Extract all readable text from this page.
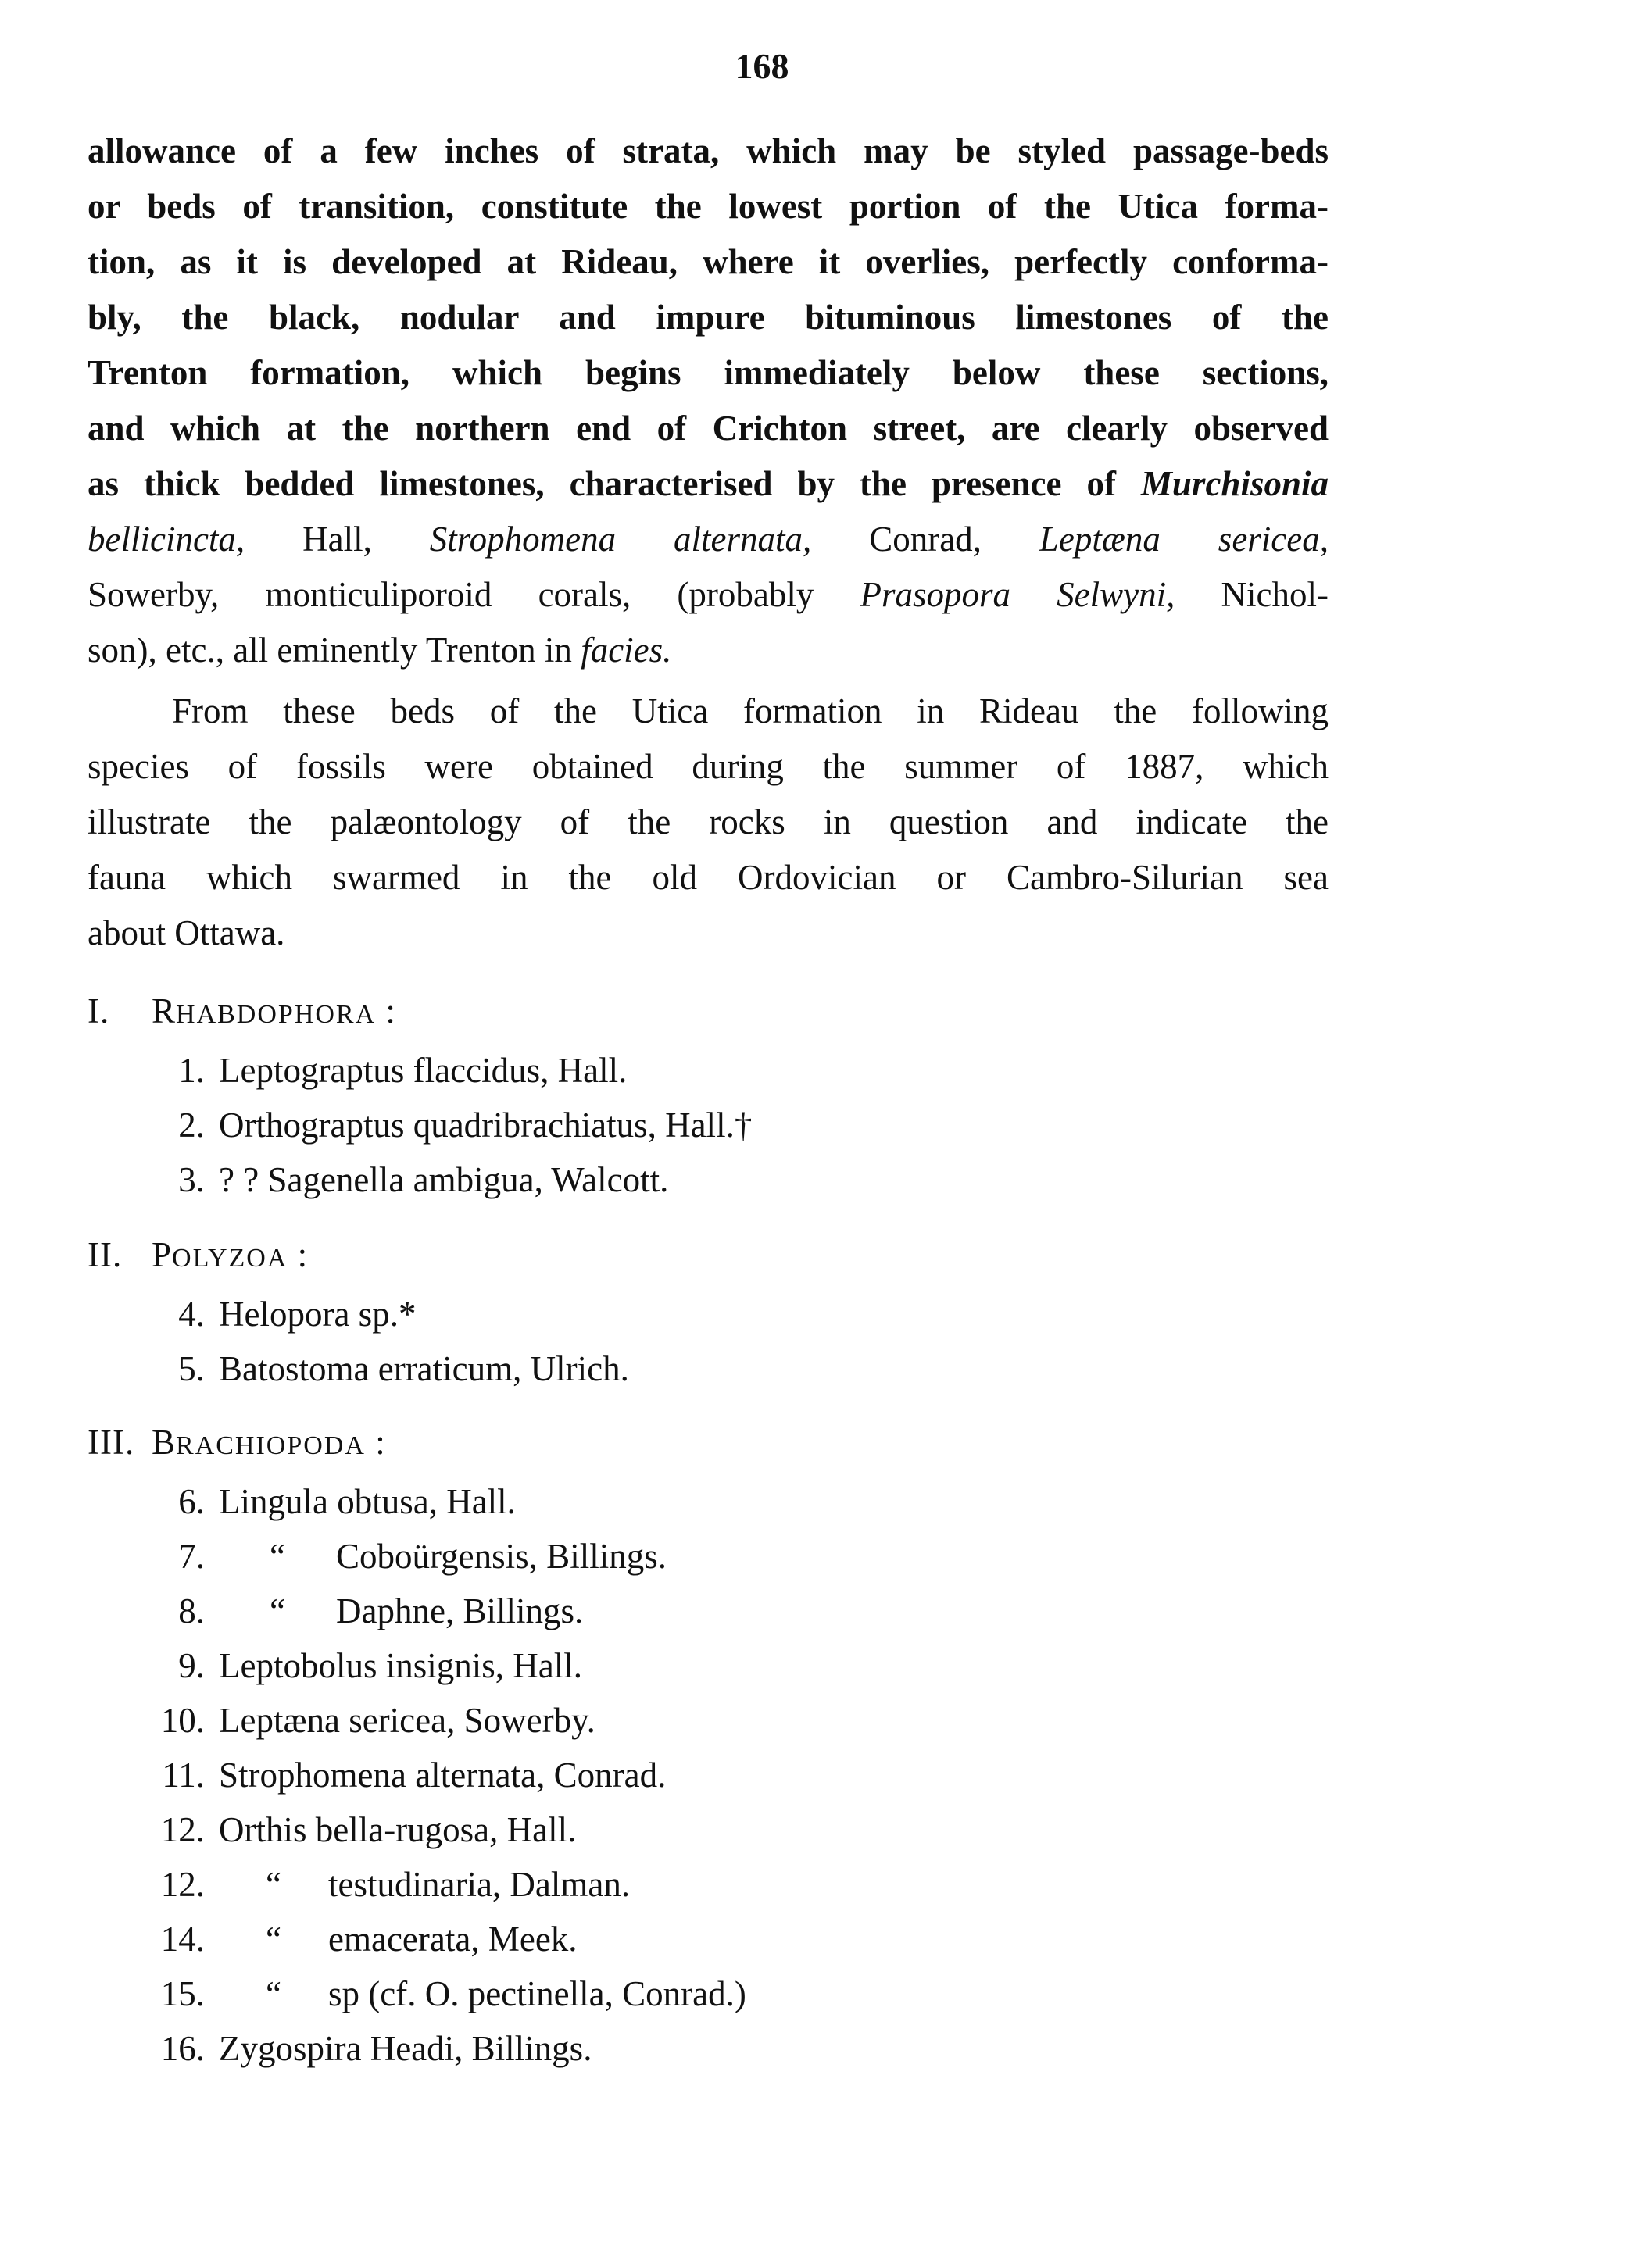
168
allowance of a few inches of strata, which may be styled passage-beds
or beds of transition, constitute the lowest portion of the Utica forma-
tion, as it is developed at Rideau, where it overlies, perfectly conforma-
bly, the black, nodular and impure bituminous limestones of the
Trenton formation, which begins immediately below these sections,
and which at the northern end of Crichton street, are clearly observed
as thick bedded limestones, characterised by the presence of Murchisonia
bellicincta, Hall, Strophomena alternata, Conrad, Leptæna sericea,
Sowerby, monticuliporoid corals, (probably Prasopora Selwyni, Nichol-
son), etc., all eminently Trenton in facies.
From these beds of the Utica formation in Rideau the following
species of fossils were obtained during the summer of 1887, which
illustrate the palæontology of the rocks in question and indicate the
fauna which swarmed in the old Ordovician or Cambro-Silurian sea
about Ottawa.
I. RHABDOPHORA :
1. Leptograptus flaccidus, Hall.
2. Orthograptus quadribrachiatus, Hall.†
3. ? ? Sagenella ambigua, Walcott.
II. POLYZOA :
4. Helopora sp.*
5. Batostoma erraticum, Ulrich.
III. BRACHIOPODA :
6. Lingula obtusa, Hall.
7.	“ Coboürgensis, Billings.
8.	“ Daphne, Billings.
9. Leptobolus insignis, Hall.
10. Leptæna sericea, Sowerby.
11. Strophomena alternata, Conrad.
12. Orthis bella-rugosa, Hall.
12.	“ testudinaria, Dalman.
14.	“ emacerata, Meek.
15.	“ sp (cf. O. pectinella, Conrad.)
16. Zygospira Headi, Billings.
